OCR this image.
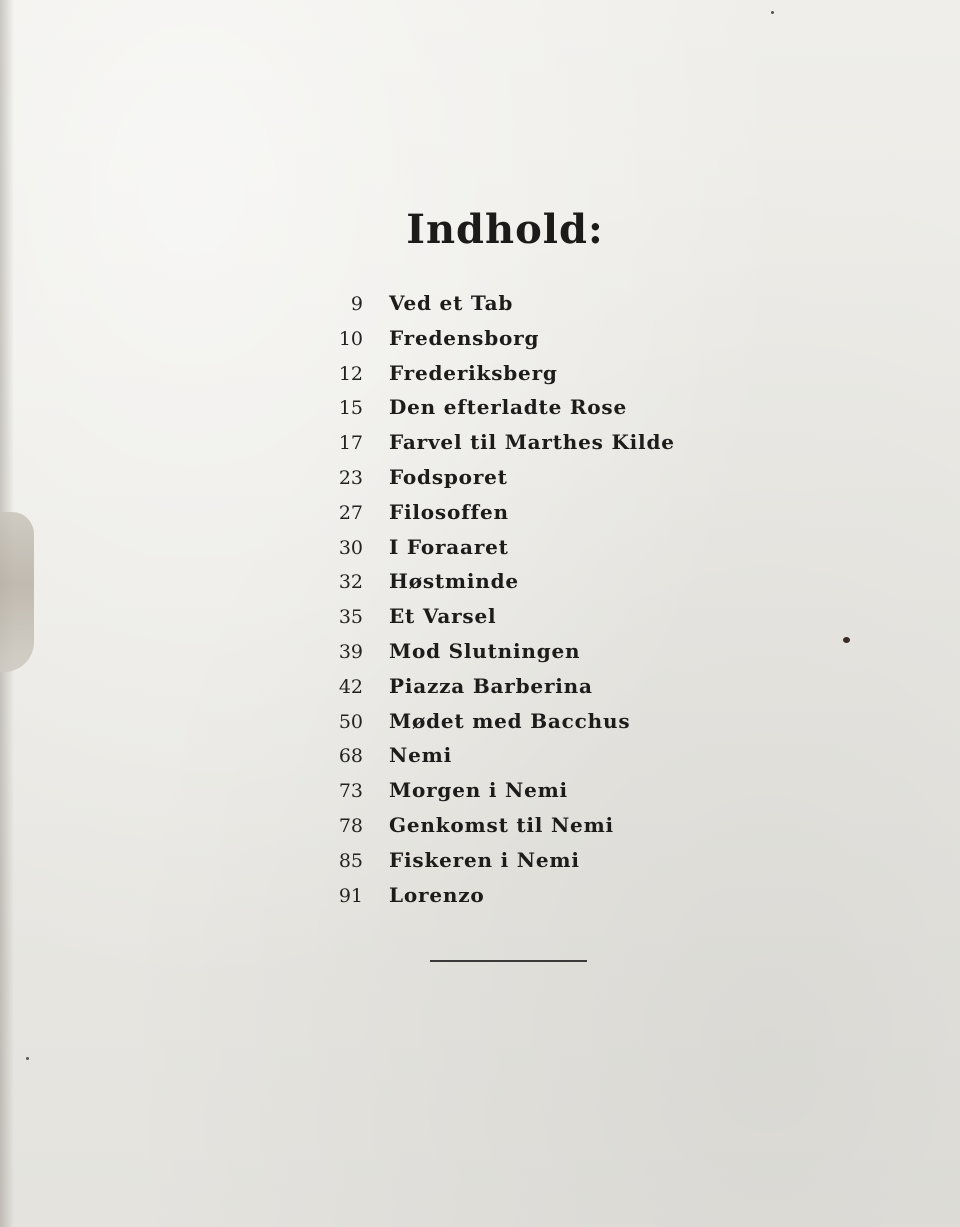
Indhold:
9 Ved et Tab
10 Fredensborg
12 Frederiksberg
15 Den efterladte Rose
17 Farvel til Marthes Kilde
23 Fodsporet
27 Filosoffen
30 I Foraaret
32 Høstminde
35 Et Varsel
39 Mod Slutningen
42 Piazza Barberina
50 Mødet med Bacchus
68 Nemi
73 Morgen i Nemi
78 Genkomst til Nemi
85 Fiskeren i Nemi
91 Lorenzo
